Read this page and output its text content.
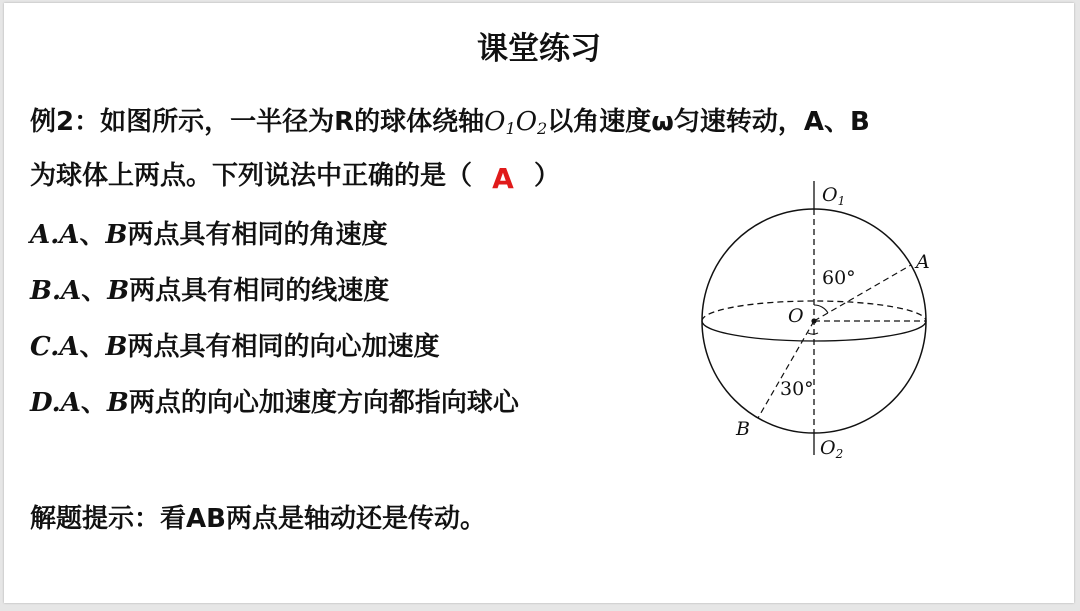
课堂练习
例2：如图所示，一半径为R的球体绕轴$O_1O_2$以角速度ω匀速转动，A、B
为球体上两点。下列说法中正确的是（ A ）
A.A、B两点具有相同的角速度
B.A、B两点具有相同的线速度
C.A、B两点具有相同的向心加速度
D.A、B两点的向心加速度方向都指向球心
解题提示：看AB两点是轴动还是传动。
$O_1$
$O_2$
O
A
B
60°
30°
